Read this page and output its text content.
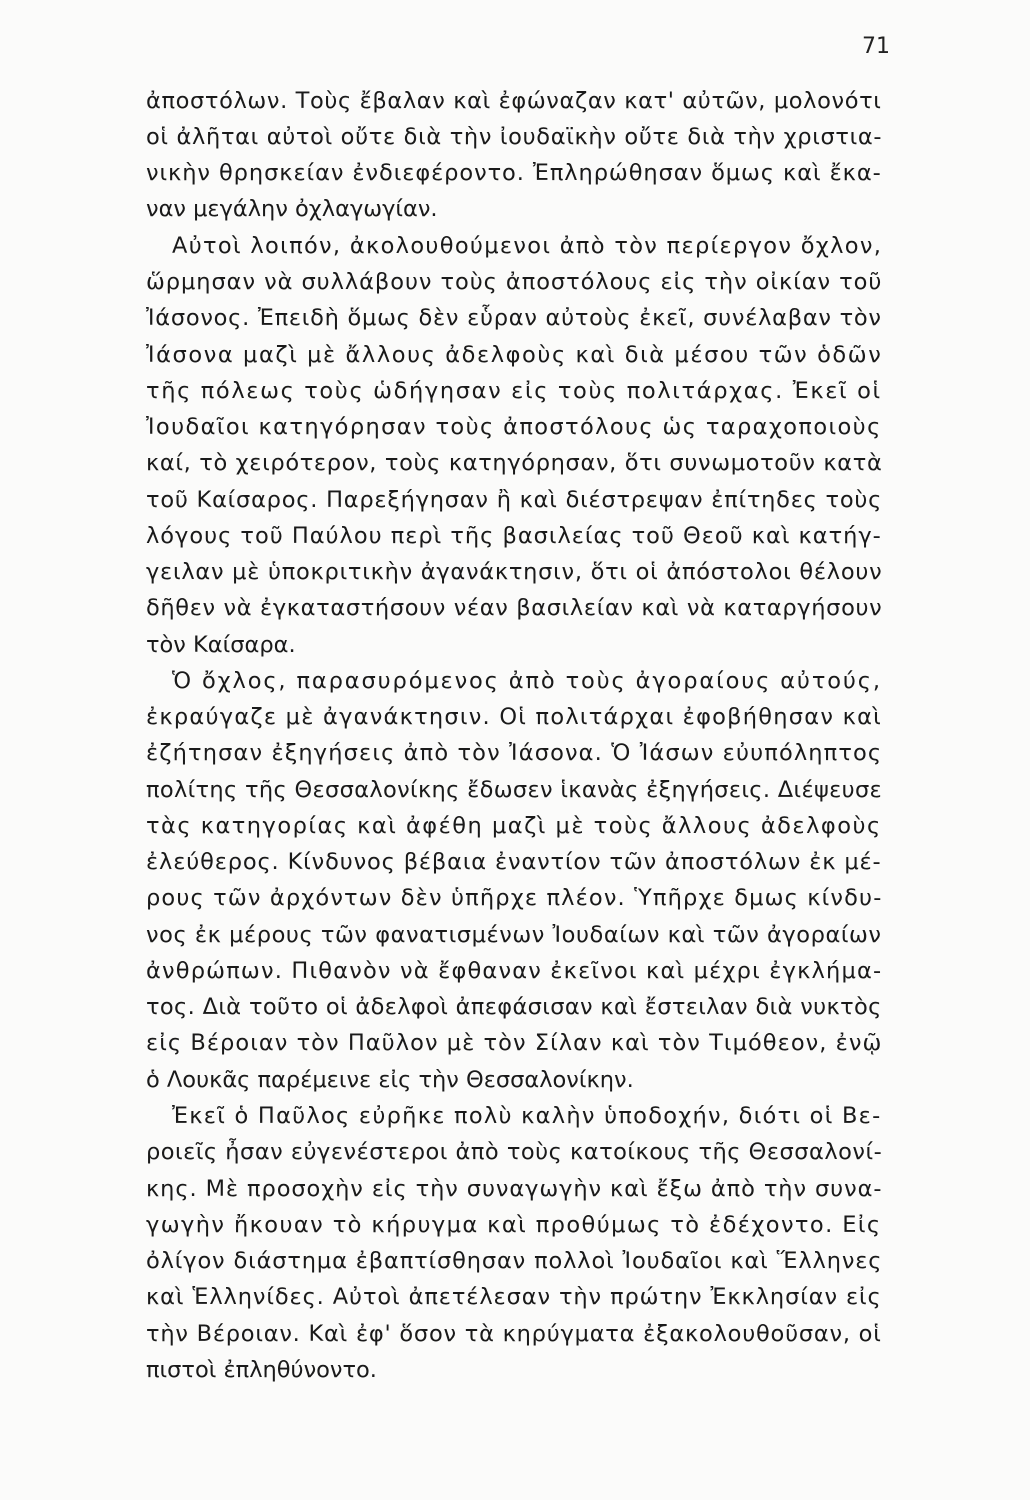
71
ἀποστόλων. Τοὺς ἔβαλαν καὶ ἐφώναζαν κατ' αὐτῶν, μολονότι
οἱ ἀλῆται αὐτοὶ οὔτε διὰ τὴν ἰουδαϊκὴν οὔτε διὰ τὴν χριστια-
νικὴν θρησκείαν ἐνδιεφέροντο. Ἐπληρώθησαν ὅμως καὶ ἔκα-
ναν μεγάλην ὀχλαγωγίαν.
Αὐτοὶ λοιπόν, ἀκολουθούμενοι ἀπὸ τὸν περίεργον ὄχλον,
ὥρμησαν νὰ συλλάβουν τοὺς ἀποστόλους εἰς τὴν οἰκίαν τοῦ
Ἰάσονος. Ἐπειδὴ ὅμως δὲν εὗραν αὐτοὺς ἐκεῖ, συνέλαβαν τὸν
Ἰάσονα μαζὶ μὲ ἄλλους ἀδελφοὺς καὶ διὰ μέσου τῶν ὁδῶν
τῆς πόλεως τοὺς ὡδήγησαν εἰς τοὺς πολιτάρχας. Ἐκεῖ οἱ
Ἰουδαῖοι κατηγόρησαν τοὺς ἀποστόλους ὡς ταραχοποιοὺς
καί, τὸ χειρότερον, τοὺς κατηγόρησαν, ὅτι συνωμοτοῦν κατὰ
τοῦ Καίσαρος. Παρεξήγησαν ἢ καὶ διέστρεψαν ἐπίτηδες τοὺς
λόγους τοῦ Παύλου περὶ τῆς βασιλείας τοῦ Θεοῦ καὶ κατήγ-
γειλαν μὲ ὑποκριτικὴν ἀγανάκτησιν, ὅτι οἱ ἀπόστολοι θέλουν
δῆθεν νὰ ἐγκαταστήσουν νέαν βασιλείαν καὶ νὰ καταργήσουν
τὸν Καίσαρα.
Ὁ ὄχλος, παρασυρόμενος ἀπὸ τοὺς ἀγοραίους αὐτούς,
ἐκραύγαζε μὲ ἀγανάκτησιν. Οἱ πολιτάρχαι ἐφοβήθησαν καὶ
ἐζήτησαν ἐξηγήσεις ἀπὸ τὸν Ἰάσονα. Ὁ Ἰάσων εὐυπόληπτος
πολίτης τῆς Θεσσαλονίκης ἔδωσεν ἱκανὰς ἐξηγήσεις. Διέψευσε
τὰς κατηγορίας καὶ ἀφέθη μαζὶ μὲ τοὺς ἄλλους ἀδελφοὺς
ἐλεύθερος. Κίνδυνος βέβαια ἐναντίον τῶν ἀποστόλων ἐκ μέ-
ρους τῶν ἀρχόντων δὲν ὑπῆρχε πλέον. Ὑπῆρχε δμως κίνδυ-
νος ἐκ μέρους τῶν φανατισμένων Ἰουδαίων καὶ τῶν ἀγοραίων
ἀνθρώπων. Πιθανὸν νὰ ἔφθαναν ἐκεῖνοι καὶ μέχρι ἐγκλήμα-
τος. Διὰ τοῦτο οἱ ἀδελφοὶ ἀπεφάσισαν καὶ ἔστειλαν διὰ νυκτὸς
εἰς Βέροιαν τὸν Παῦλον μὲ τὸν Σίλαν καὶ τὸν Τιμόθεον, ἐνῷ
ὁ Λουκᾶς παρέμεινε εἰς τὴν Θεσσαλονίκην.
Ἐκεῖ ὁ Παῦλος εὐρῆκε πολὺ καλὴν ὑποδοχήν, διότι οἱ Βε-
ροιεῖς ἦσαν εὐγενέστεροι ἀπὸ τοὺς κατοίκους τῆς Θεσσαλονί-
κης. Μὲ προσοχὴν εἰς τὴν συναγωγὴν καὶ ἔξω ἀπὸ τὴν συνα-
γωγὴν ἤκουαν τὸ κήρυγμα καὶ προθύμως τὸ ἐδέχοντο. Εἰς
ὀλίγον διάστημα ἐβαπτίσθησαν πολλοὶ Ἰουδαῖοι καὶ Ἕλληνες
καὶ Ἑλληνίδες. Αὐτοὶ ἀπετέλεσαν τὴν πρώτην Ἐκκλησίαν εἰς
τὴν Βέροιαν. Καὶ ἐφ' ὅσον τὰ κηρύγματα ἐξακολουθοῦσαν, οἱ
πιστοὶ ἐπληθύνοντο.
